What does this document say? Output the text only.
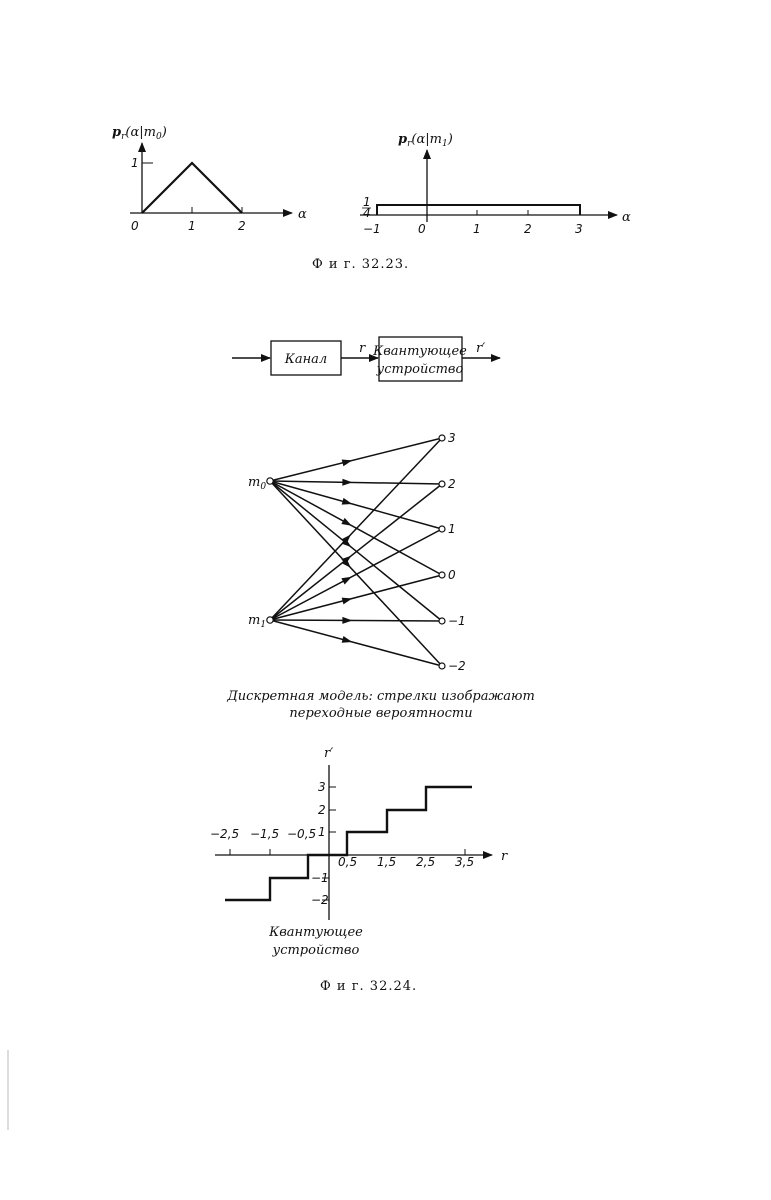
$p_r(\alpha|m_0)$
α
1
0	1	2
$p_r(\alpha|m_1)$
α
1
4
−1	0	1	2	3
Ф и г. 32.23.
Канал
r Квантующее
устройство
r′
$m_0$
$m_1$
3
2
1
0
−1
−2
Дискретная модель: стрелки изображают
переходные вероятности
r′
r
3
2
1
−1
−2
−2,5 −1,5 −0,5
0,5 1,5 2,5 3,5
Квантующее
устройство
Ф и г. 32.24.
